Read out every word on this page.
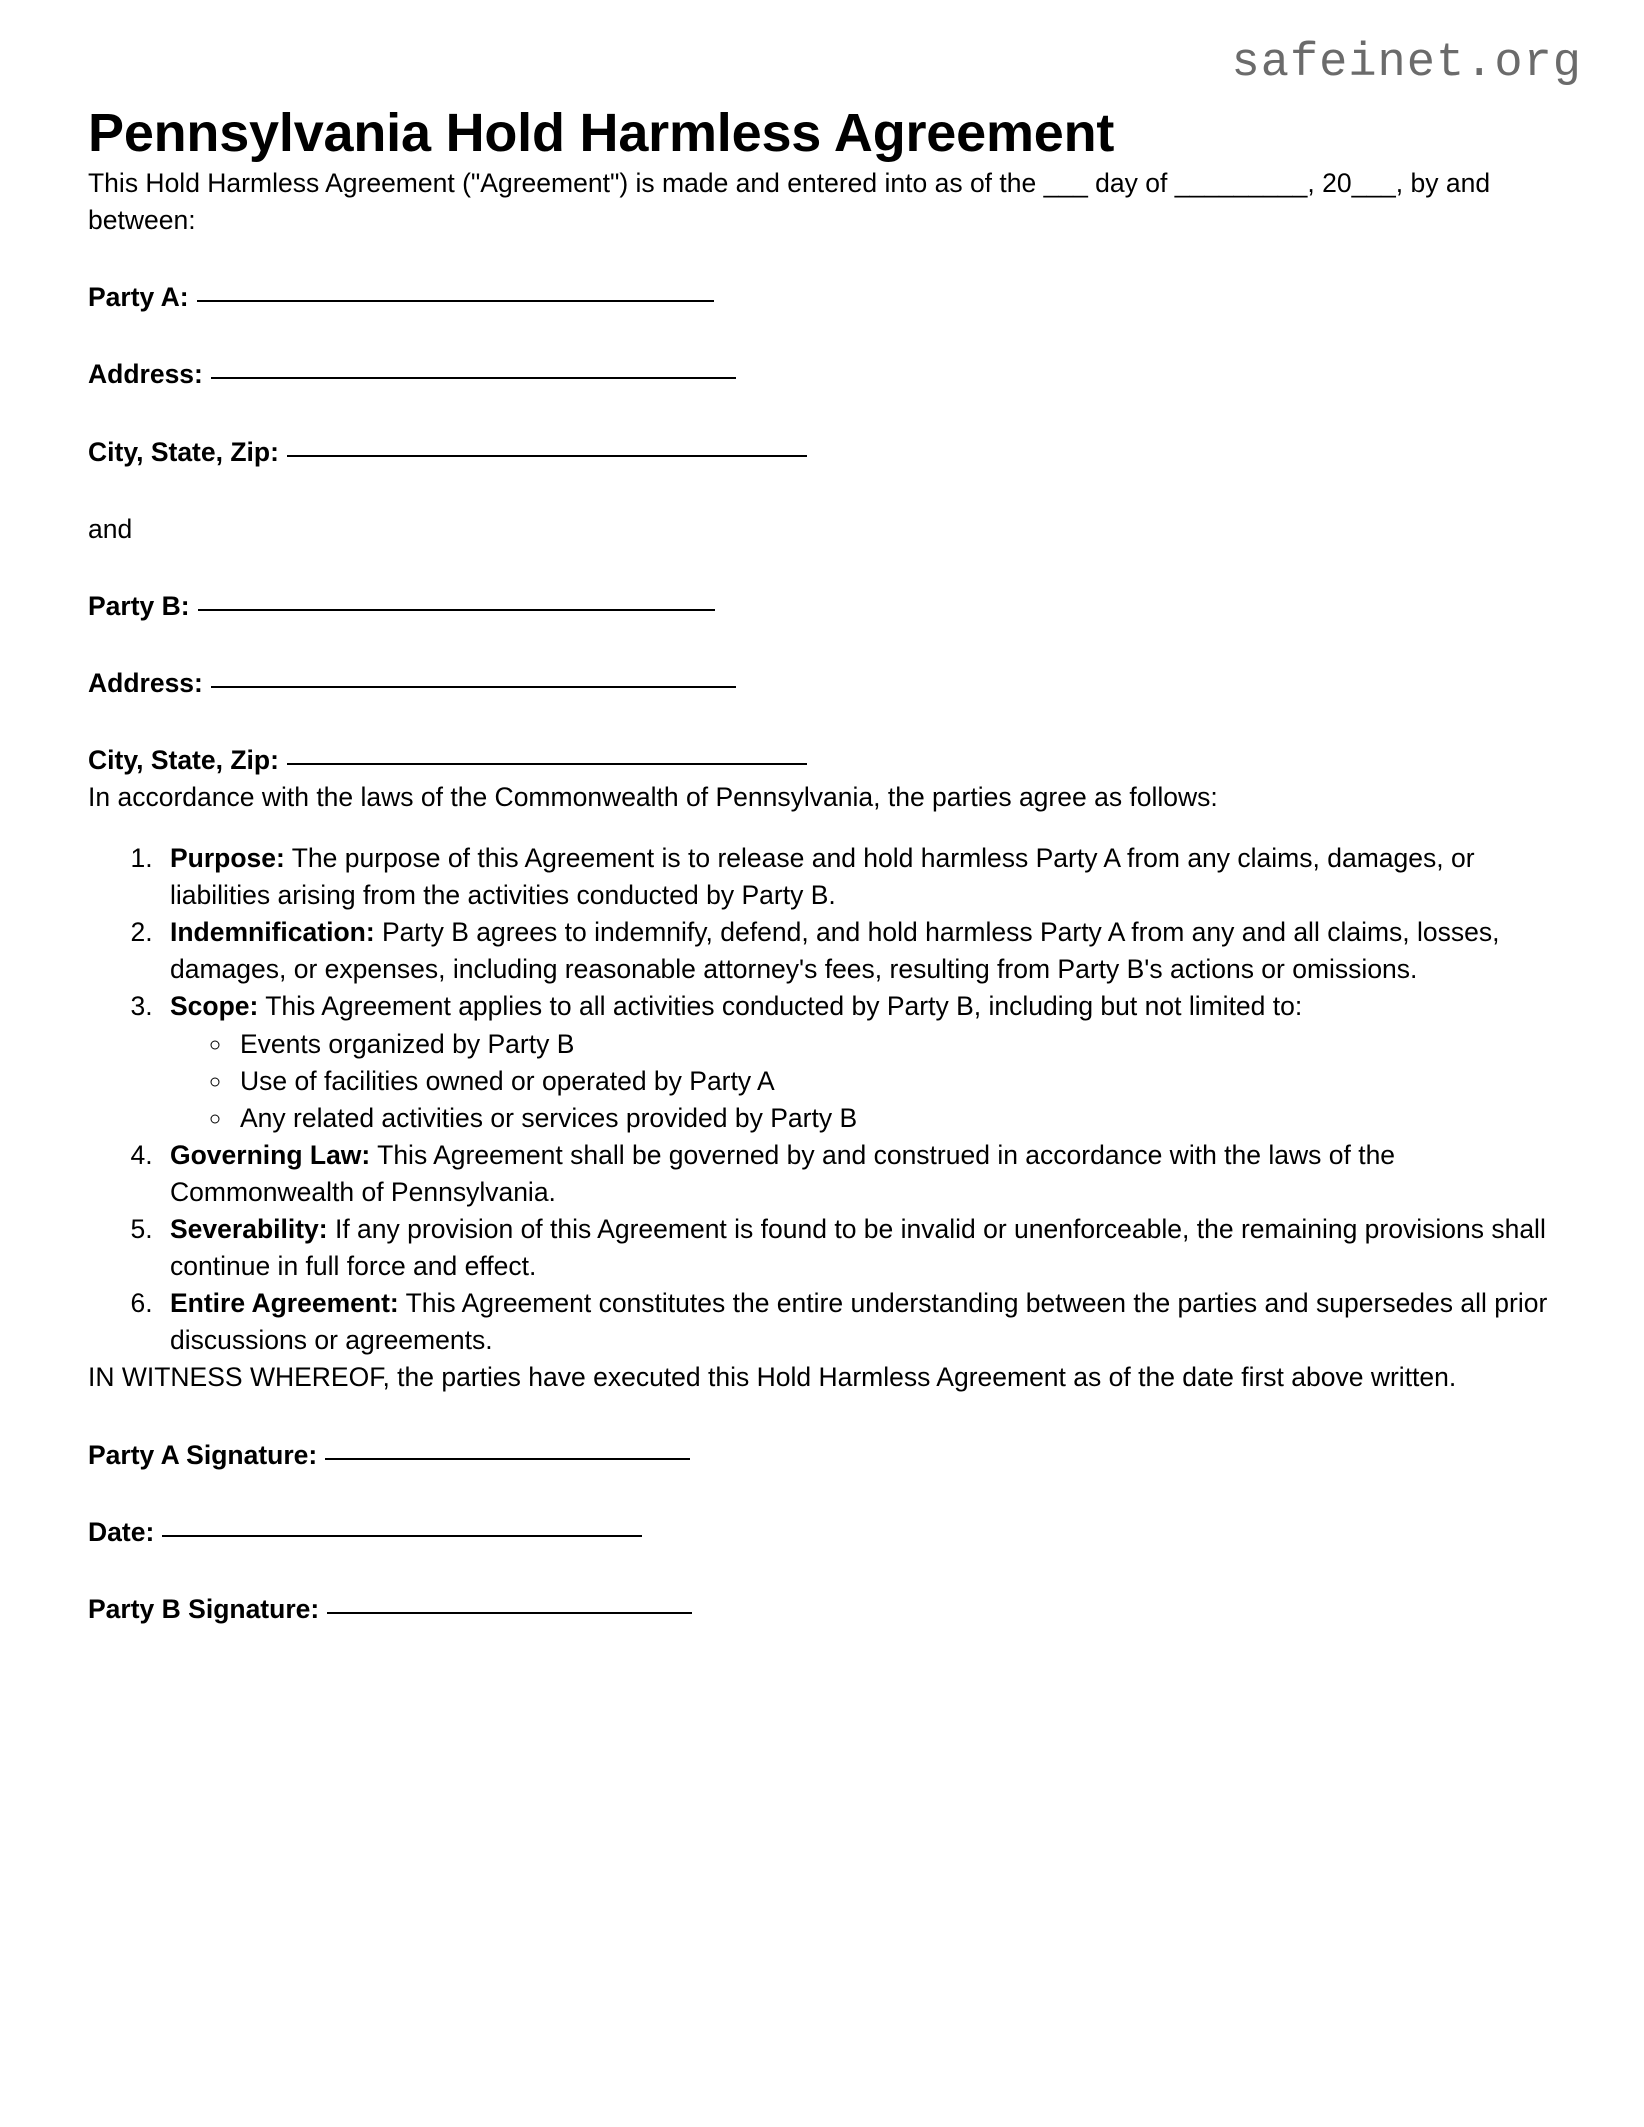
safeinet.org
Pennsylvania Hold Harmless Agreement

This Hold Harmless Agreement ("Agreement") is made and entered into as of the ___ day of _________, 20___, by and between:

Party A:
Address:
City, State, Zip:
and
Party B:
Address:
City, State, Zip:

In accordance with the laws of the Commonwealth of Pennsylvania, the parties agree as follows:

1. Purpose: The purpose of this Agreement is to release and hold harmless Party A from any claims, damages, or liabilities arising from the activities conducted by Party B.
2. Indemnification: Party B agrees to indemnify, defend, and hold harmless Party A from any and all claims, losses, damages, or expenses, including reasonable attorney's fees, resulting from Party B's actions or omissions.
3. Scope: This Agreement applies to all activities conducted by Party B, including but not limited to:
◦ Events organized by Party B
◦ Use of facilities owned or operated by Party A
◦ Any related activities or services provided by Party B
4. Governing Law: This Agreement shall be governed by and construed in accordance with the laws of the Commonwealth of Pennsylvania.
5. Severability: If any provision of this Agreement is found to be invalid or unenforceable, the remaining provisions shall continue in full force and effect.
6. Entire Agreement: This Agreement constitutes the entire understanding between the parties and supersedes all prior discussions or agreements.

IN WITNESS WHEREOF, the parties have executed this Hold Harmless Agreement as of the date first above written.

Party A Signature:
Date:
Party B Signature:
